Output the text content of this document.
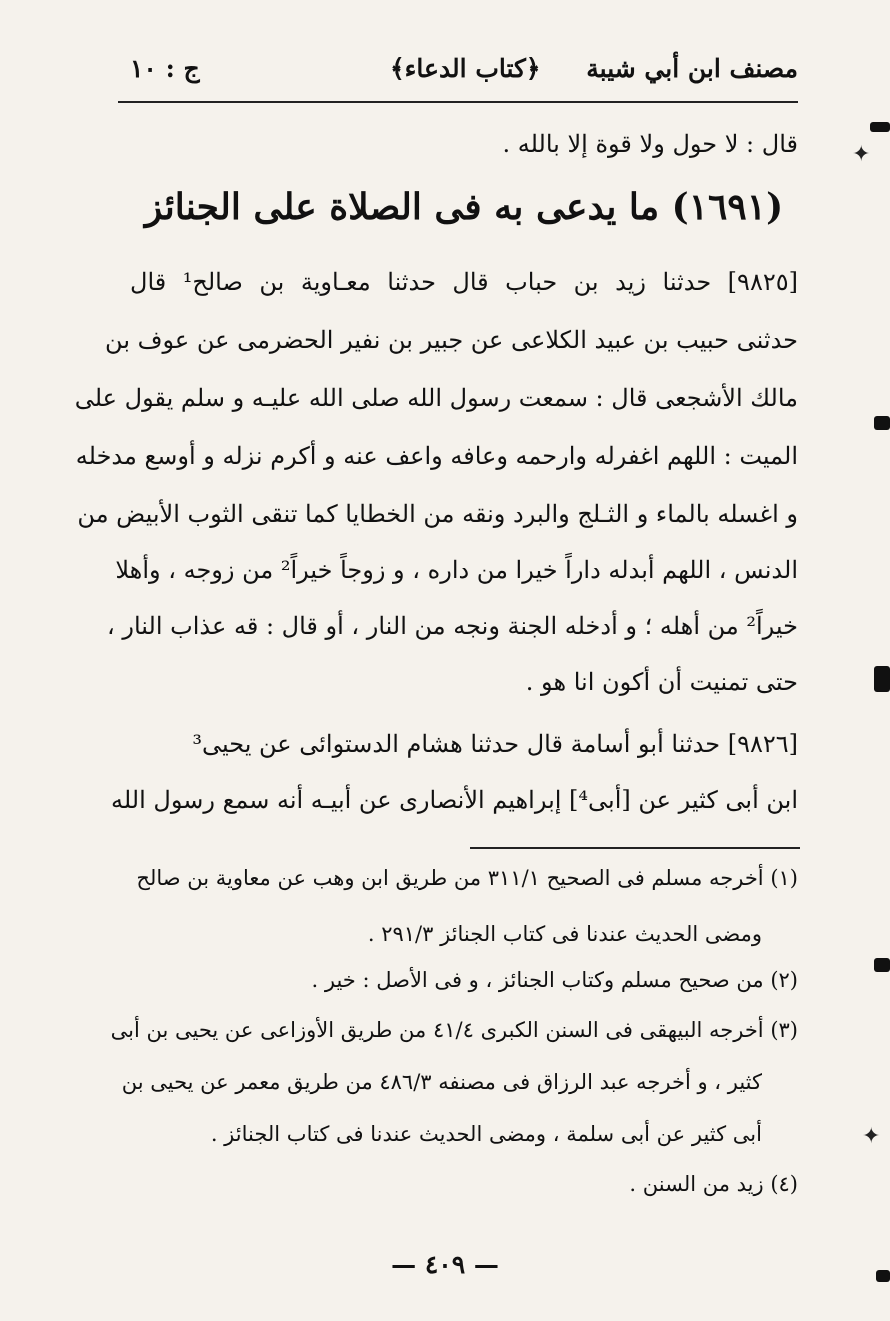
مصنف ابن أبي شيبة
﴿كتاب الدعاء﴾
ج : ١٠
قال : لا حول ولا قوة إلا بالله .
(١٦٩١) ما يدعى به فى الصلاة على الجنائز
[٩٨٢٥] حدثنا زيد بن حباب قال حدثنا معـاوية بن صالح¹ قال
حدثنى حبيب بن عبيد الكلاعى عن جبير بن نفير الحضرمى عن عوف بن
مالك الأشجعى قال : سمعت رسول الله صلى الله عليـه و سلم يقول على
الميت : اللهم اغفرله وارحمه وعافه واعف عنه و أكرم نزله و أوسع مدخله
و اغسله بالماء و الثـلج والبرد ونقه من الخطايا كما تنقى الثوب الأبيض من
الدنس ، اللهم أبدله داراً خيرا من داره ، و زوجاً خيراً² من زوجه ، وأهلا
خيراً² من أهله ؛ و أدخله الجنة ونجه من النار ، أو قال : قه عذاب النار ،
حتى تمنيت أن أكون انا هو .
[٩٨٢٦] حدثنا أبو أسامة قال حدثنا هشام الدستوائى عن يحيى³
ابن أبى كثير عن [أبى⁴] إبراهيم الأنصارى عن أبيـه أنه سمع رسول الله
(١) أخرجه مسلم فى الصحيح ٣١١/١ من طريق ابن وهب عن معاوية بن صالح
ومضى الحديث عندنا فى كتاب الجنائز ٢٩١/٣ .
(٢) من صحيح مسلم وكتاب الجنائز ، و فى الأصل : خير .
(٣) أخرجه البيهقى فى السنن الكبرى ٤١/٤ من طريق الأوزاعى عن يحيى بن أبى
كثير ، و أخرجه عبد الرزاق فى مصنفه ٤٨٦/٣ من طريق معمر عن يحيى بن
أبى كثير عن أبى سلمة ، ومضى الحديث عندنا فى كتاب الجنائز .
(٤) زيد من السنن .
— ٤٠٩ —
✦
✦
